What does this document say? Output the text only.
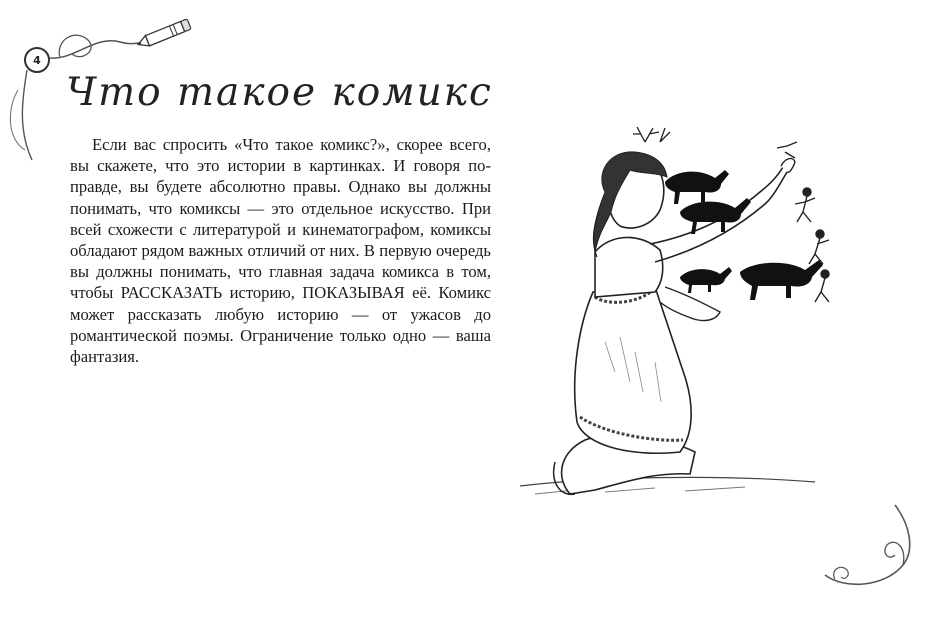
4
Что такое комикс

Если вас спросить «Что такое комикс?», скорее всего, вы скажете, что это истории в картинках. И говоря по-правде, вы будете абсолютно правы. Однако вы должны понимать, что комиксы — это отдельное искусство. При всей схожести с литературой и кинематографом, комиксы обладают рядом важных отличий от них. В первую очередь вы должны понимать, что главная задача комикса в том, чтобы РАССКАЗАТЬ историю, ПОКАЗЫВАЯ её. Комикс может рассказать любую историю — от ужасов до романтической поэмы. Ограничение только одно — ваша фантазия.
